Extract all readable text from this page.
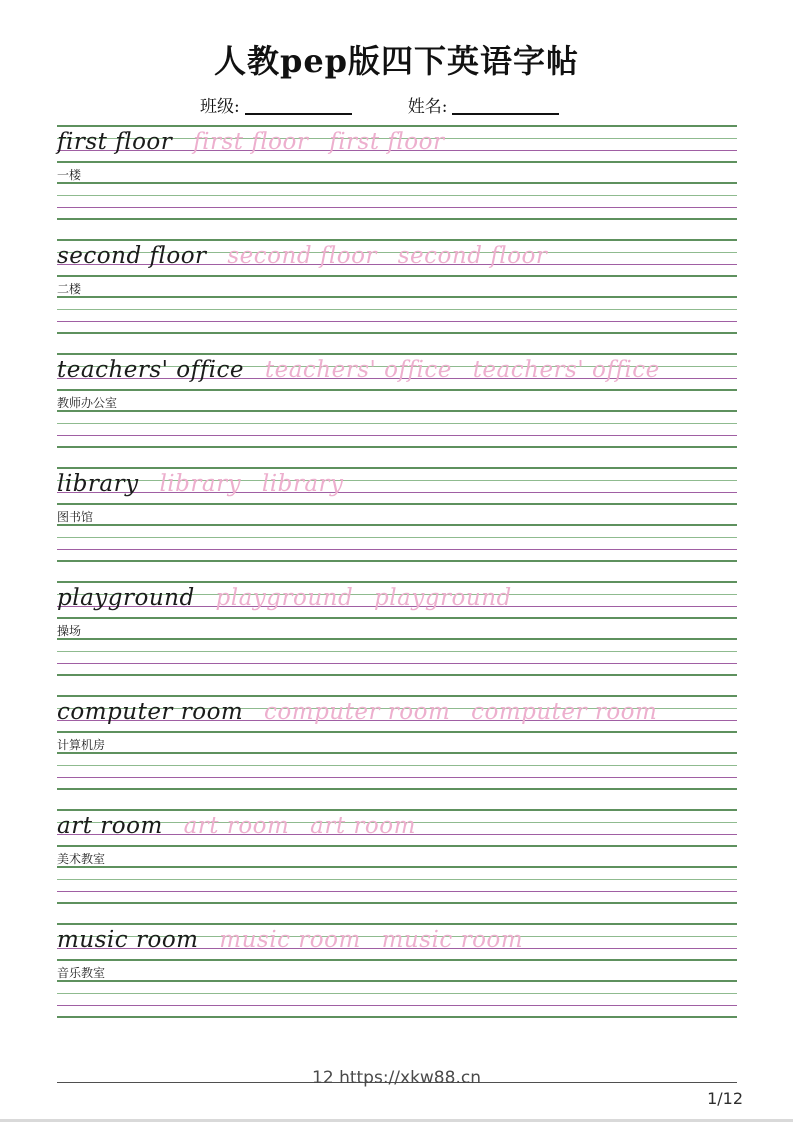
人教pep版四下英语字帖
班级:	姓名:
first floor first floor first floor
一楼
second floor second floor second floor
二楼
teachers' office teachers' office teachers' office
教师办公室
library library library
图书馆
playground playground playground
操场
computer room computer room computer room
计算机房
art room art room art room
美术教室
music room music room music room
音乐教室
12 https://xkw88.cn
1/12
